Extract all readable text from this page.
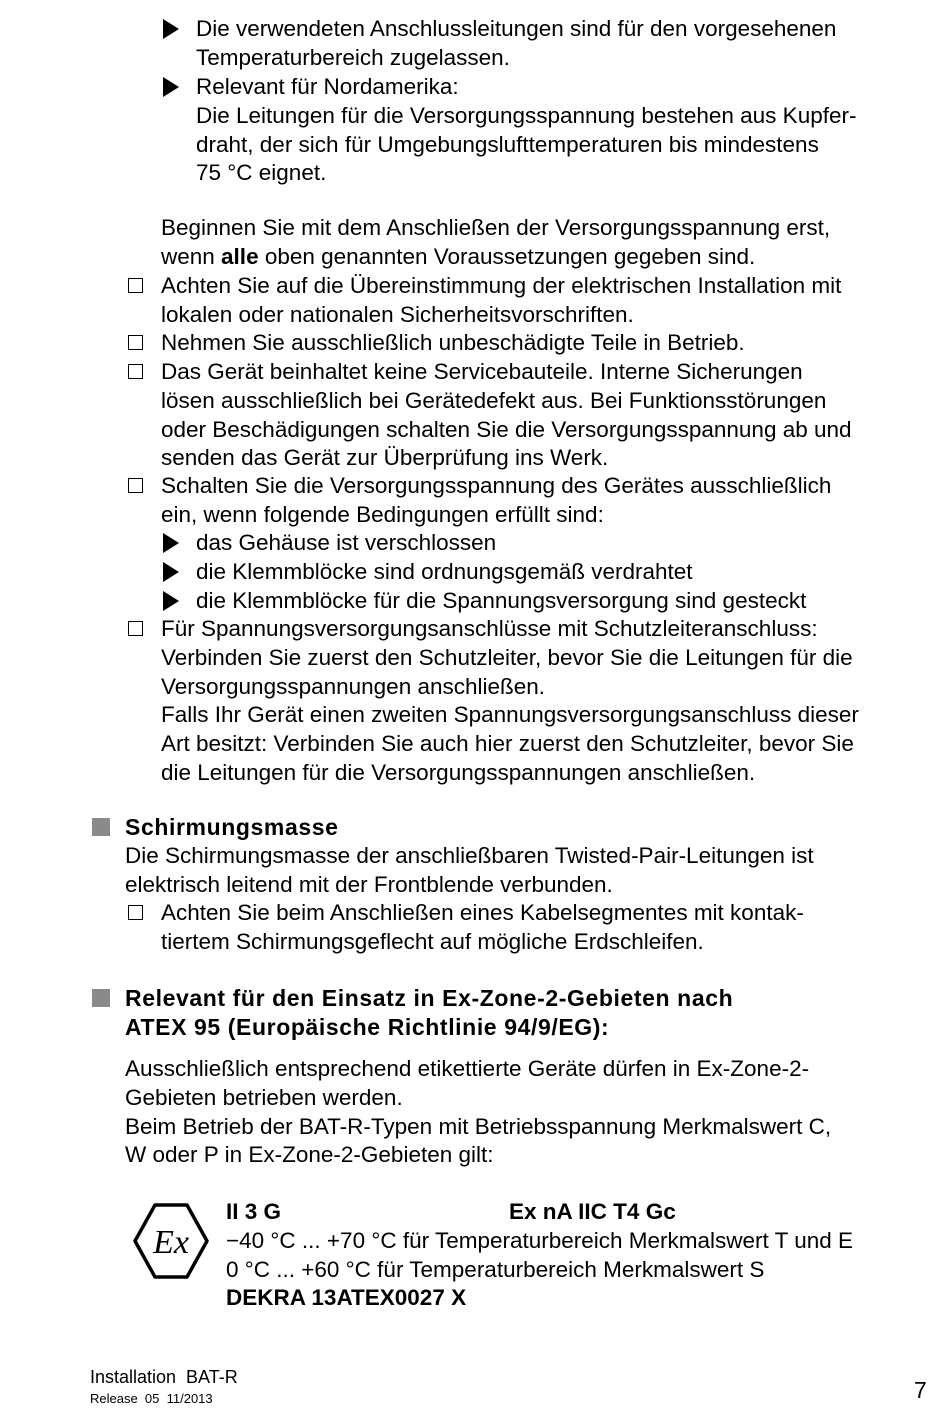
Die verwendeten Anschlussleitungen sind für den vorgesehenen
Temperaturbereich zugelassen.
Relevant für Nordamerika:
Die Leitungen für die Versorgungsspannung bestehen aus Kupfer-
draht, der sich für Umgebungslufttemperaturen bis mindestens
75 °C eignet.
Beginnen Sie mit dem Anschließen der Versorgungsspannung erst,
wenn alle oben genannten Voraussetzungen gegeben sind.
Achten Sie auf die Übereinstimmung der elektrischen Installation mit
lokalen oder nationalen Sicherheitsvorschriften.
Nehmen Sie ausschließlich unbeschädigte Teile in Betrieb.
Das Gerät beinhaltet keine Servicebauteile. Interne Sicherungen
lösen ausschließlich bei Gerätedefekt aus. Bei Funktionsstörungen
oder Beschädigungen schalten Sie die Versorgungsspannung ab und
senden das Gerät zur Überprüfung ins Werk.
Schalten Sie die Versorgungsspannung des Gerätes ausschließlich
ein, wenn folgende Bedingungen erfüllt sind:
das Gehäuse ist verschlossen
die Klemmblöcke sind ordnungsgemäß verdrahtet
die Klemmblöcke für die Spannungsversorgung sind gesteckt
Für Spannungsversorgungsanschlüsse mit Schutzleiteranschluss:
Verbinden Sie zuerst den Schutzleiter, bevor Sie die Leitungen für die
Versorgungsspannungen anschließen.
Falls Ihr Gerät einen zweiten Spannungsversorgungsanschluss dieser
Art besitzt: Verbinden Sie auch hier zuerst den Schutzleiter, bevor Sie
die Leitungen für die Versorgungsspannungen anschließen.
Schirmungsmasse
Die Schirmungsmasse der anschließbaren Twisted-Pair-Leitungen ist
elektrisch leitend mit der Frontblende verbunden.
Achten Sie beim Anschließen eines Kabelsegmentes mit kontak-
tiertem Schirmungsgeflecht auf mögliche Erdschleifen.
Relevant für den Einsatz in Ex-Zone-2-Gebieten nach
ATEX 95 (Europäische Richtlinie 94/9/EG):
Ausschließlich entsprechend etikettierte Geräte dürfen in Ex-Zone-2-
Gebieten betrieben werden.
Beim Betrieb der BAT-R-Typen mit Betriebsspannung Merkmalswert C,
W oder P in Ex-Zone-2-Gebieten gilt:
Ex
II 3 G	Ex nA IIC T4 Gc
−40 °C ... +70 °C für Temperaturbereich Merkmalswert T und E
0 °C ... +60 °C für Temperaturbereich Merkmalswert S
DEKRA 13ATEX0027 X
Installation  BAT-R
Release  05  11/2013	7
